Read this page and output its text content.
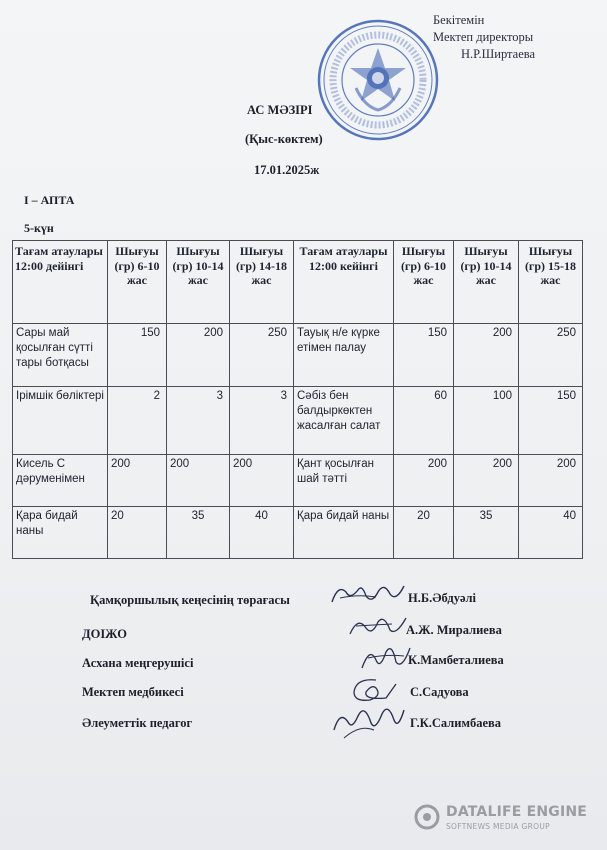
Бекітемін
Мектеп директоры
Н.Р.Ширтаева
АС МӘЗІРІ
(Қыс-көктем)
17.01.2025ж
I – АПТА
5-күн
Тағам атаулары 12:00 дейінгі	Шығуы (гр) 6-10 жас	Шығуы (гр) 10-14 жас	Шығуы (гр) 14-18 жас	Тағам атаулары 12:00 кейінгі	Шығуы (гр) 6-10 жас	Шығуы (гр) 10-14 жас	Шығуы (гр) 15-18 жас
Сары май қосылған сүтті тары ботқасы	150	200	250	Тауық н/е күрке етімен палау	150	200	250
Ірімшік бөліктері	2	3	3	Сәбіз бен балдыркөктен жасалған салат	60	100	150
Кисель С дәруменімен	200	200	200	Қант қосылған шай тәтті	200	200	200
Қара бидай наны	20	35	40	Қара бидай наны	20	35	40
Қамқоршылық кеңесінің төрағасы	Н.Б.Әбдуәлі
ДОІЖО	А.Ж. Миралиева
Асхана меңгерушісі	К.Мамбеталиева
Мектеп медбикесі	С.Садуова
Әлеуметтік педагог	Г.К.Салимбаева
DATALIFE ENGINE
SOFTNEWS MEDIA GROUP
